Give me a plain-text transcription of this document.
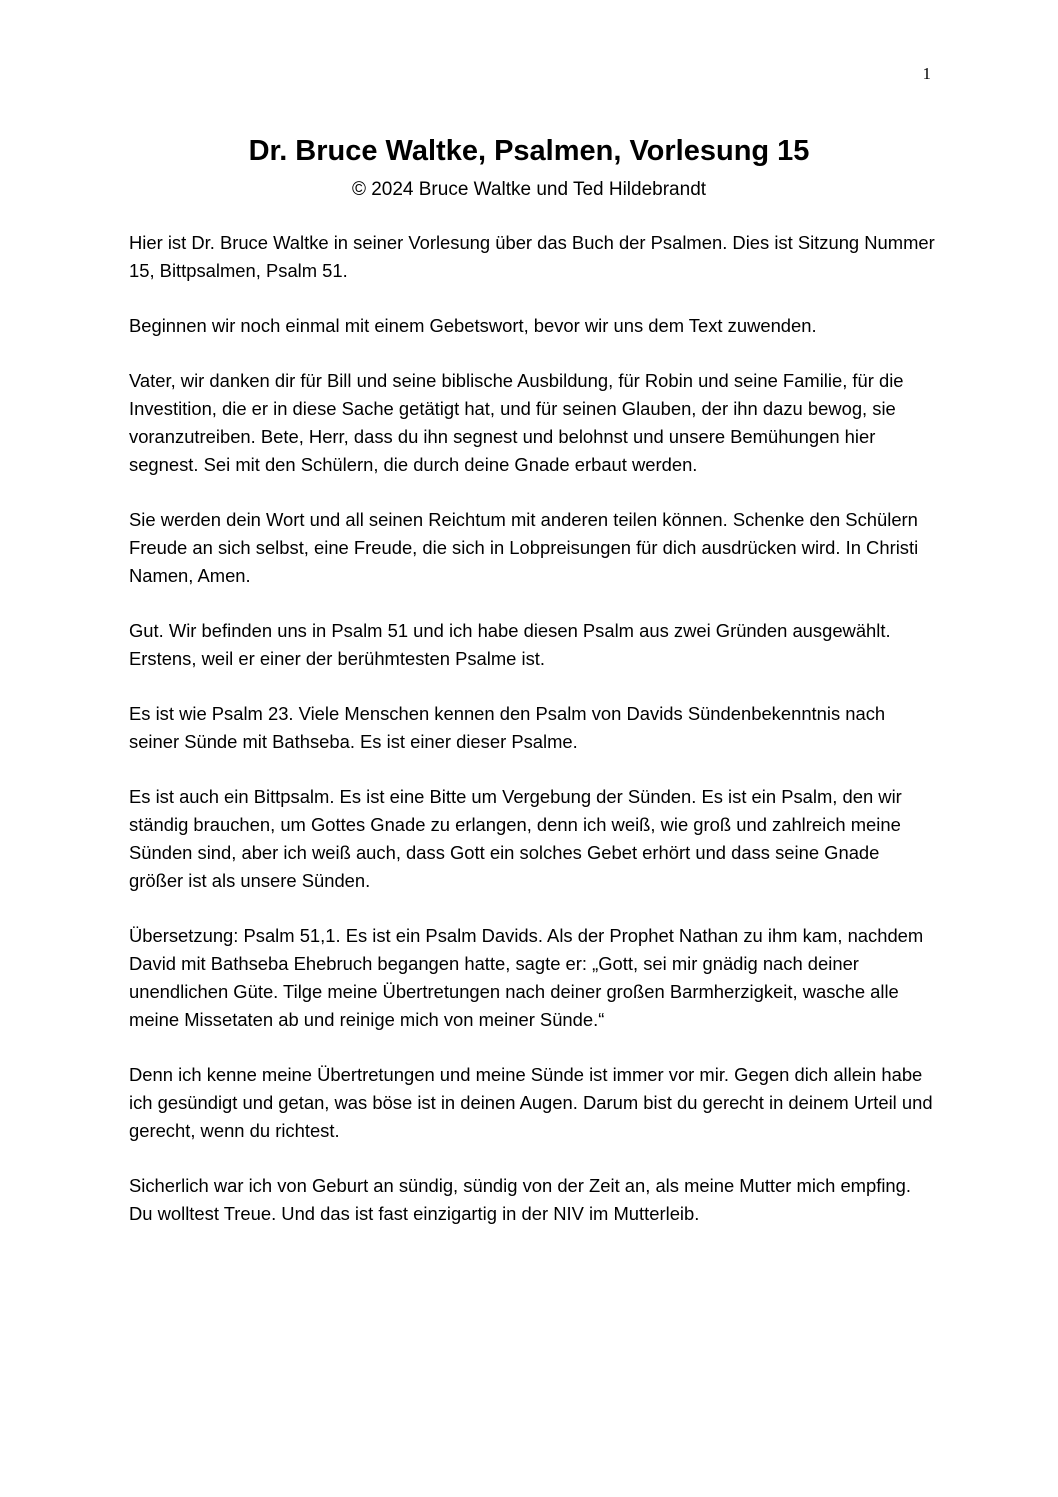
1
Dr. Bruce Waltke, Psalmen, Vorlesung 15
© 2024 Bruce Waltke und Ted Hildebrandt

Hier ist Dr. Bruce Waltke in seiner Vorlesung über das Buch der Psalmen. Dies ist Sitzung Nummer 15, Bittpsalmen, Psalm 51.

Beginnen wir noch einmal mit einem Gebetswort, bevor wir uns dem Text zuwenden.

Vater, wir danken dir für Bill und seine biblische Ausbildung, für Robin und seine Familie, für die Investition, die er in diese Sache getätigt hat, und für seinen Glauben, der ihn dazu bewog, sie voranzutreiben. Bete, Herr, dass du ihn segnest und belohnst und unsere Bemühungen hier segnest. Sei mit den Schülern, die durch deine Gnade erbaut werden.

Sie werden dein Wort und all seinen Reichtum mit anderen teilen können. Schenke den Schülern Freude an sich selbst, eine Freude, die sich in Lobpreisungen für dich ausdrücken wird. In Christi Namen, Amen.

Gut. Wir befinden uns in Psalm 51 und ich habe diesen Psalm aus zwei Gründen ausgewählt. Erstens, weil er einer der berühmtesten Psalme ist.

Es ist wie Psalm 23. Viele Menschen kennen den Psalm von Davids Sündenbekenntnis nach seiner Sünde mit Bathseba. Es ist einer dieser Psalme.

Es ist auch ein Bittpsalm. Es ist eine Bitte um Vergebung der Sünden. Es ist ein Psalm, den wir ständig brauchen, um Gottes Gnade zu erlangen, denn ich weiß, wie groß und zahlreich meine Sünden sind, aber ich weiß auch, dass Gott ein solches Gebet erhört und dass seine Gnade größer ist als unsere Sünden.

Übersetzung: Psalm 51,1. Es ist ein Psalm Davids. Als der Prophet Nathan zu ihm kam, nachdem David mit Bathseba Ehebruch begangen hatte, sagte er: „Gott, sei mir gnädig nach deiner unendlichen Güte. Tilge meine Übertretungen nach deiner großen Barmherzigkeit, wasche alle meine Missetaten ab und reinige mich von meiner Sünde.“

Denn ich kenne meine Übertretungen und meine Sünde ist immer vor mir. Gegen dich allein habe ich gesündigt und getan, was böse ist in deinen Augen. Darum bist du gerecht in deinem Urteil und gerecht, wenn du richtest.

Sicherlich war ich von Geburt an sündig, sündig von der Zeit an, als meine Mutter mich empfing. Du wolltest Treue. Und das ist fast einzigartig in der NIV im Mutterleib.
